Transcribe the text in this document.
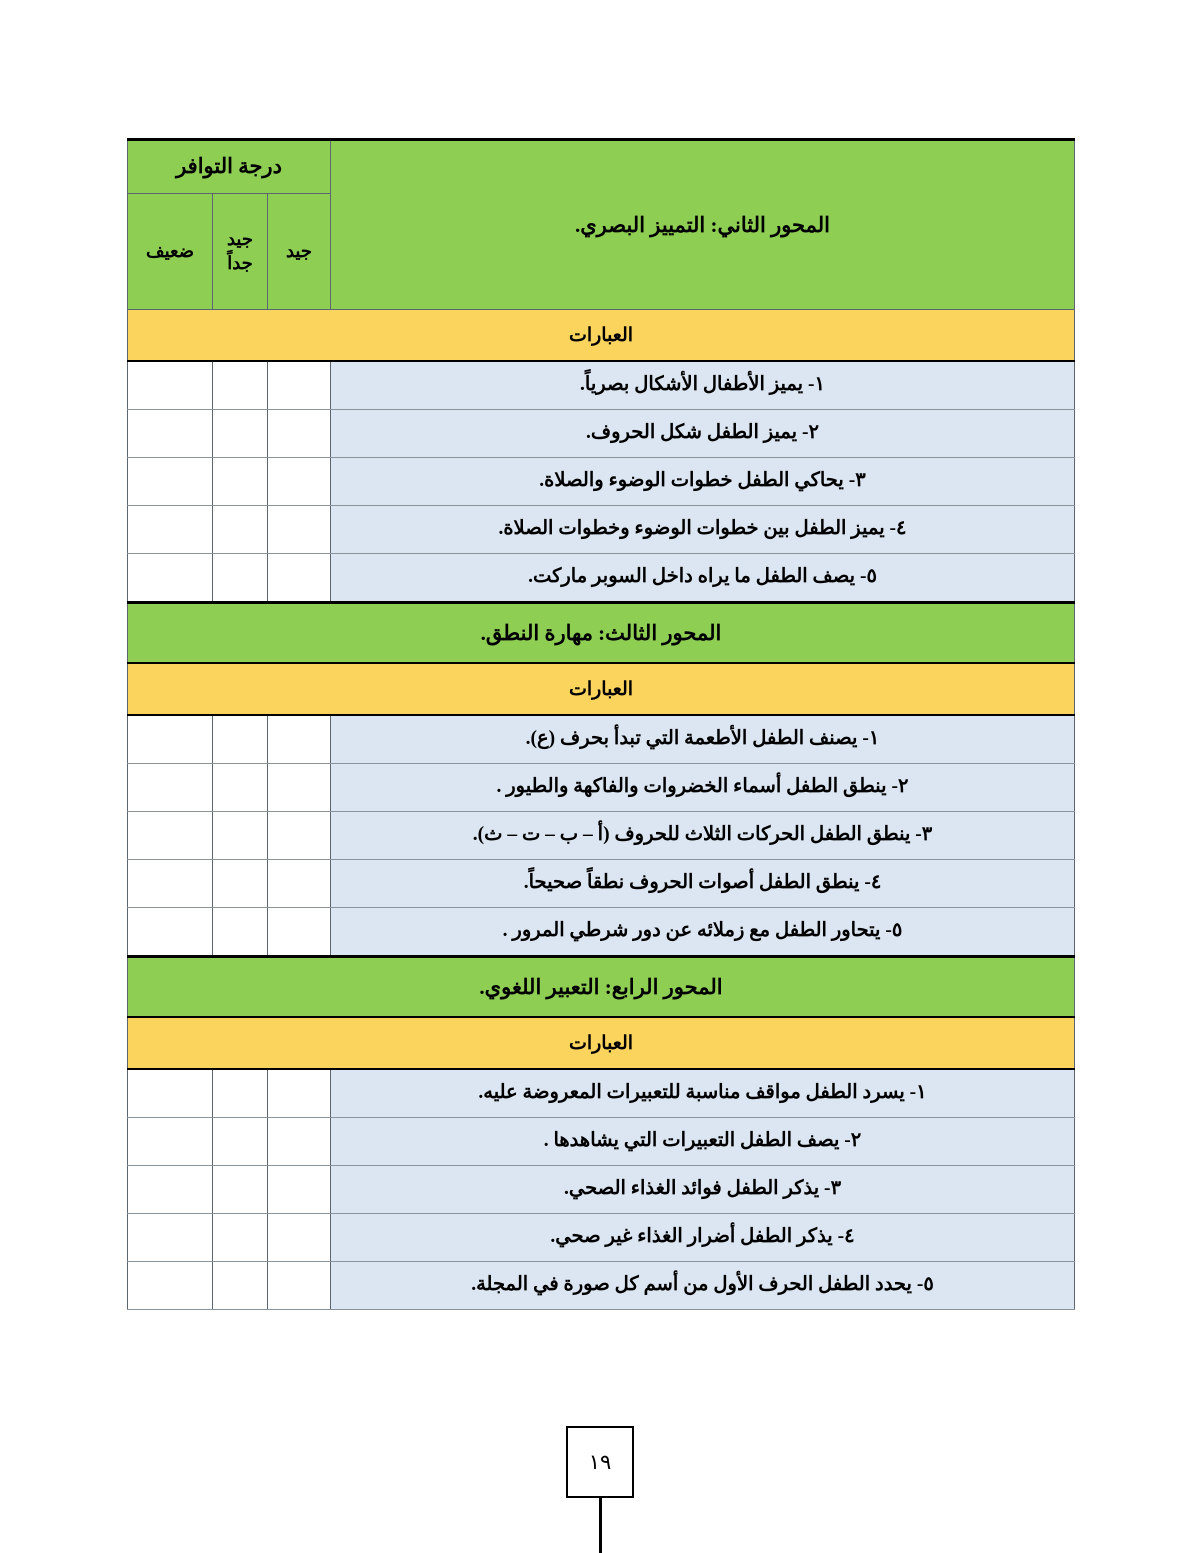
المحور الثاني: التمييز البصري.	درجة التوافر		
	جيد	جيد جداً	ضعيف
العبارات			
١- يميز الأطفال الأشكال بصرياً.			
٢- يميز الطفل شكل الحروف.			
٣- يحاكي الطفل خطوات الوضوء والصلاة.			
٤- يميز الطفل بين خطوات الوضوء وخطوات الصلاة.			
٥- يصف الطفل ما يراه داخل السوبر ماركت.			
المحور الثالث: مهارة النطق.			
العبارات			
١- يصنف الطفل الأطعمة التي تبدأ بحرف (ع).			
٢- ينطق الطفل أسماء الخضروات والفاكهة والطيور .			
٣- ينطق الطفل الحركات الثلاث للحروف (أ – ب – ت – ث).			
٤- ينطق الطفل أصوات الحروف نطقاً صحيحاً.			
٥- يتحاور الطفل مع زملائه عن دور شرطي المرور .			
المحور الرابع: التعبير اللغوي.			
العبارات			
١- يسرد الطفل مواقف مناسبة للتعبيرات المعروضة عليه.			
٢- يصف الطفل التعبيرات التي يشاهدها .			
٣- يذكر الطفل فوائد الغذاء الصحي.			
٤- يذكر الطفل أضرار الغذاء غير صحي.			
٥- يحدد الطفل الحرف الأول من أسم كل صورة في المجلة.			
١٩
